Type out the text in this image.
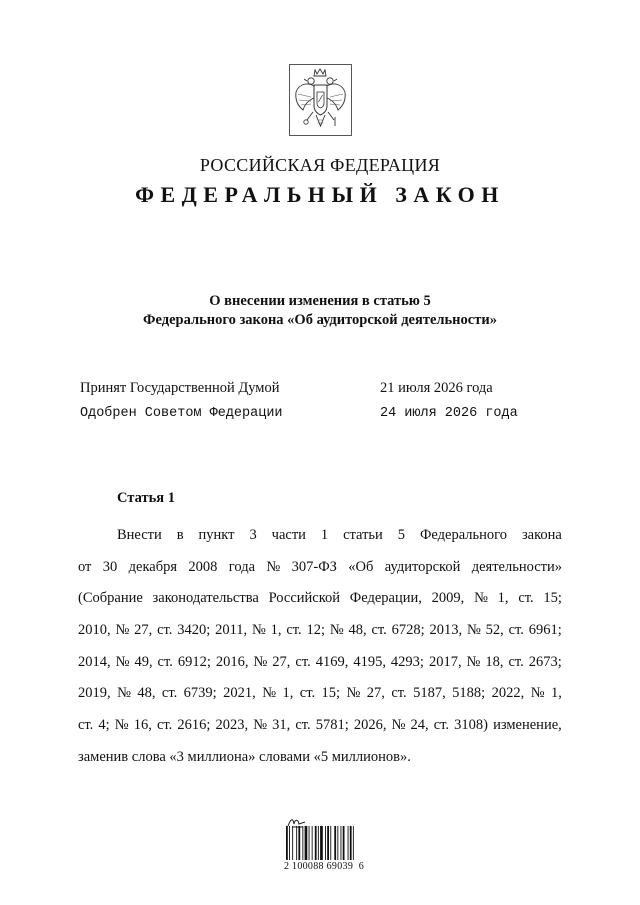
РОССИЙСКАЯ ФЕДЕРАЦИЯ
ФЕДЕРАЛЬНЫЙ ЗАКОН
О внесении изменения в статью 5
Федерального закона «Об аудиторской деятельности»
Принят Государственной Думой	21 июля 2026 года
Одобрен Советом Федерации	24 июля 2026 года
Статья 1
Внести в пункт 3 части 1 статьи 5 Федерального закона
от 30 декабря 2008 года № 307-ФЗ «Об аудиторской деятельности»
(Собрание законодательства Российской Федерации, 2009, № 1, ст. 15;
2010, № 27, ст. 3420; 2011, № 1, ст. 12; № 48, ст. 6728; 2013, № 52, ст. 6961;
2014, № 49, ст. 6912; 2016, № 27, ст. 4169, 4195, 4293; 2017, № 18, ст. 2673;
2019, № 48, ст. 6739; 2021, № 1, ст. 15; № 27, ст. 5187, 5188; 2022, № 1,
ст. 4; № 16, ст. 2616; 2023, № 31, ст. 5781; 2026, № 24, ст. 3108) изменение,
заменив слова «3 миллиона» словами «5 миллионов».
2 100088 69039  6
